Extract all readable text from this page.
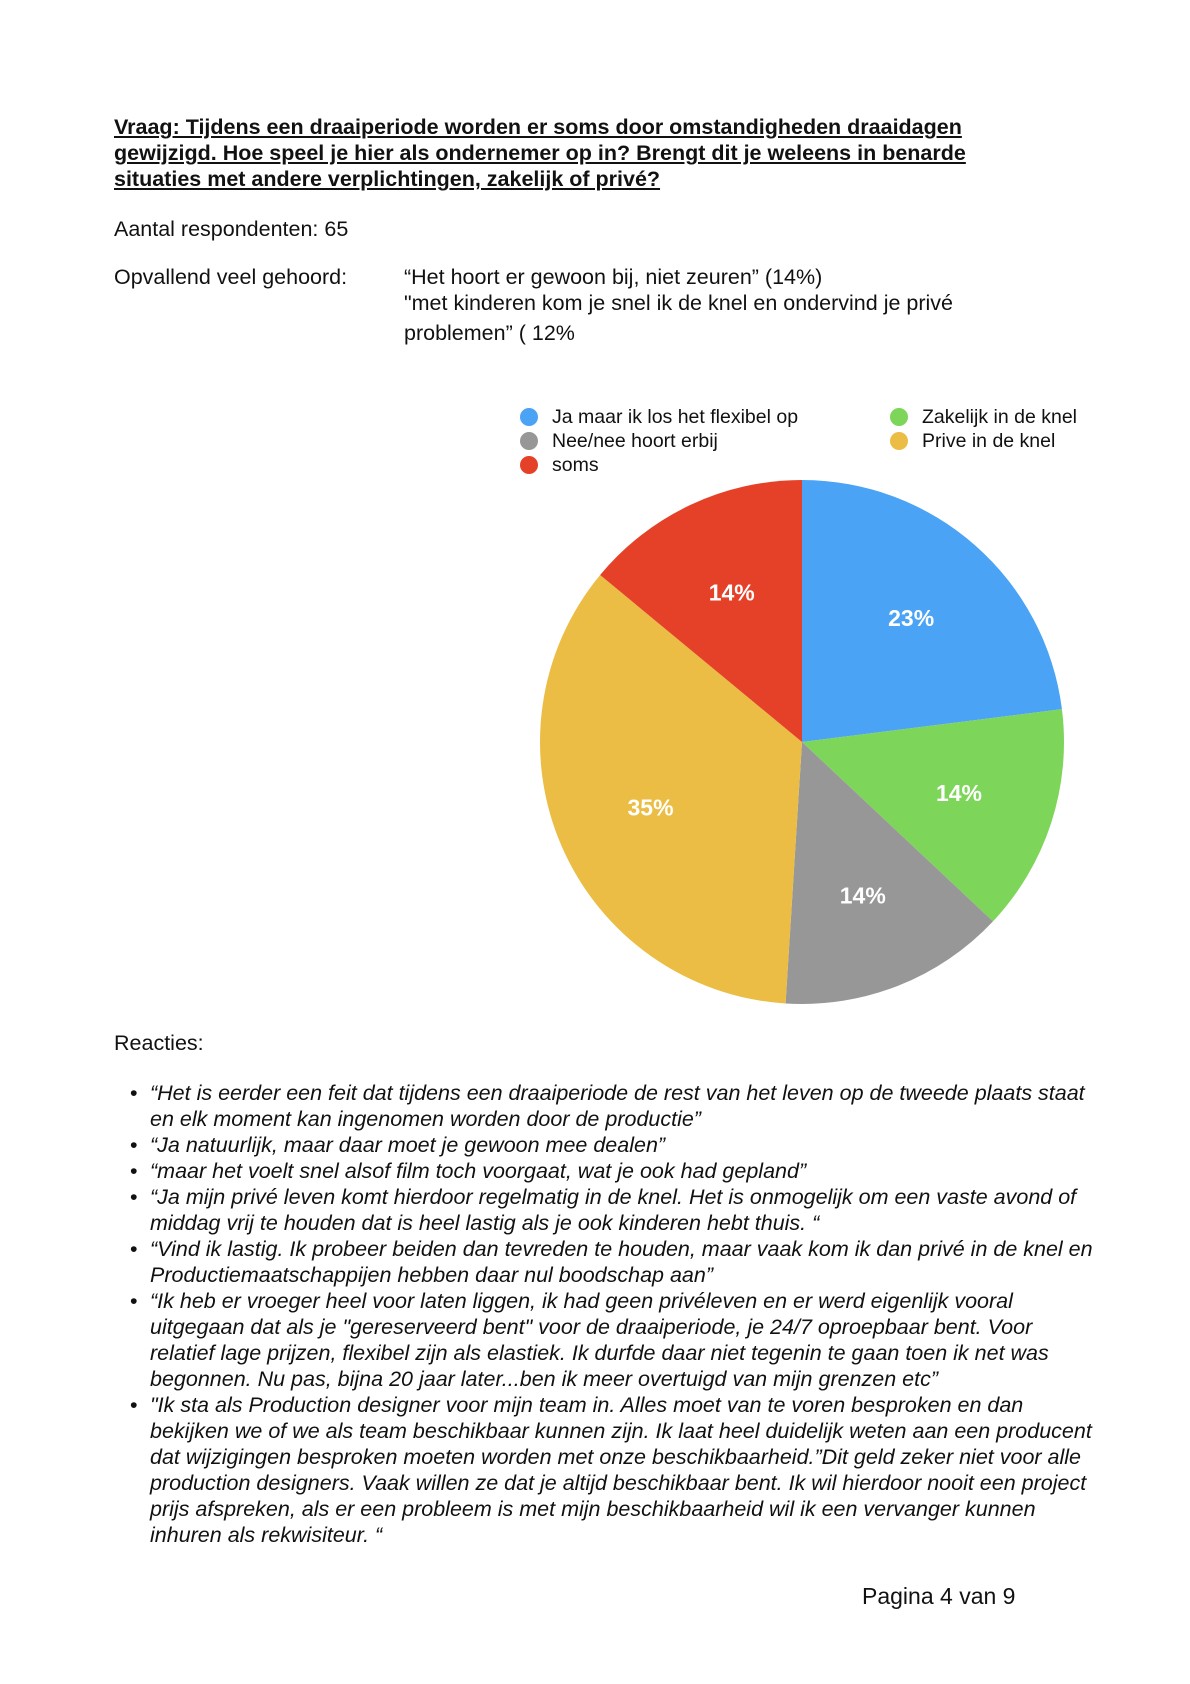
Vraag: Tijdens een draaiperiode worden er soms door omstandigheden draaidagen gewijzigd. Hoe speel je hier als ondernemer op in? Brengt dit je weleens in benarde situaties met andere verplichtingen, zakelijk of privé?
Aantal respondenten: 65
Opvallend veel gehoord:	“Het hoort er gewoon bij, niet zeuren” (14%)
"met kinderen kom je snel ik de knel en ondervind je privé problemen” ( 12%
Ja maar ik los het flexibel op
Nee/nee hoort erbij
soms
Zakelijk in de knel
Prive in de knel
23%
14%
14%
35%
14%
Reacties:
• “Het is eerder een feit dat tijdens een draaiperiode de rest van het leven op de tweede plaats staat en elk moment kan ingenomen worden door de productie”
• “Ja natuurlijk, maar daar moet je gewoon mee dealen”
• “maar het voelt snel alsof film toch voorgaat, wat je ook had gepland”
• “Ja mijn privé leven komt hierdoor regelmatig in de knel. Het is onmogelijk om een vaste avond of middag vrij te houden dat is heel lastig als je ook kinderen hebt thuis. “
• “Vind ik lastig. Ik probeer beiden dan tevreden te houden, maar vaak kom ik dan privé in de knel en Productiemaatschappijen hebben daar nul boodschap aan”
• “Ik heb er vroeger heel voor laten liggen, ik had geen privéleven en er werd eigenlijk vooral uitgegaan dat als je "gereserveerd bent" voor de draaiperiode, je 24/7 oproepbaar bent. Voor relatief lage prijzen, flexibel zijn als elastiek. Ik durfde daar niet tegenin te gaan toen ik net was begonnen. Nu pas, bijna 20 jaar later...ben ik meer overtuigd van mijn grenzen etc”
• "Ik sta als Production designer voor mijn team in. Alles moet van te voren besproken en dan bekijken we of we als team beschikbaar kunnen zijn. Ik laat heel duidelijk weten aan een producent dat wijzigingen besproken moeten worden met onze beschikbaarheid.”Dit geld zeker niet voor alle production designers. Vaak willen ze dat je altijd beschikbaar bent. Ik wil hierdoor nooit een project prijs afspreken, als er een probleem is met mijn beschikbaarheid wil ik een vervanger kunnen inhuren als rekwisiteur. “
Pagina 4 van 9
